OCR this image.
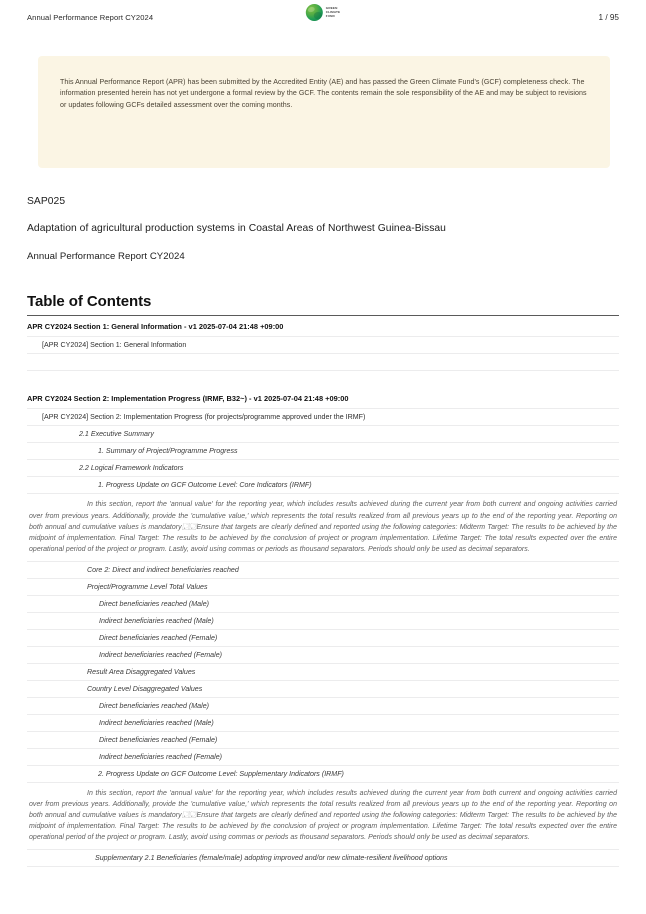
Annual Performance Report CY2024
GREEN
CLIMATE
FUND	1 / 95
This Annual Performance Report (APR) has been submitted by the Accredited Entity (AE) and has passed the Green Climate Fund's (GCF) completeness check. The information presented herein has not yet undergone a formal review by the GCF. The contents remain the sole responsibility of the AE and may be subject to revisions or updates following GCFs detailed assessment over the coming months.
SAP025
Adaptation of agricultural production systems in Coastal Areas of Northwest Guinea-Bissau
Annual Performance Report CY2024
Table of Contents
APR CY2024 Section 1: General Information - v1 2025-07-04 21:48 +09:00
[APR CY2024] Section 1: General Information
APR CY2024 Section 2: Implementation Progress (IRMF, B32~) - v1 2025-07-04 21:48 +09:00
[APR CY2024] Section 2: Implementation Progress (for projects/programme approved under the IRMF)
2.1 Executive Summary
1. Summary of Project/Programme Progress
2.2 Logical Framework Indicators
1. Progress Update on GCF Outcome Level: Core Indicators (IRMF)
In this section, report the 'annual value' for the reporting year, which includes results achieved during the current year from both current and ongoing activities carried over from previous years. Additionally, provide the 'cumulative value,' which represents the total results realized from all previous years up to the end of the reporting year. Reporting on both annual and cumulative values is mandatory⿿⿿Ensure that targets are clearly defined and reported using the following categories: Midterm Target: The results to be achieved by the midpoint of implementation. Final Target: The results to be achieved by the conclusion of project or program implementation. Lifetime Target: The total results expected over the entire operational period of the project or program. Lastly, avoid using commas or periods as thousand separators. Periods should only be used as decimal separators.
Core 2: Direct and indirect beneficiaries reached
Project/Programme Level Total Values
Direct beneficiaries reached (Male)
Indirect beneficiaries reached (Male)
Direct beneficiaries reached (Female)
Indirect beneficiaries reached (Female)
Result Area Disaggregated Values
Country Level Disaggregated Values
Direct beneficiaries reached (Male)
Indirect beneficiaries reached (Male)
Direct beneficiaries reached (Female)
Indirect beneficiaries reached (Female)
2. Progress Update on GCF Outcome Level: Supplementary Indicators (IRMF)
In this section, report the 'annual value' for the reporting year, which includes results achieved during the current year from both current and ongoing activities carried over from previous years. Additionally, provide the 'cumulative value,' which represents the total results realized from all previous years up to the end of the reporting year. Reporting on both annual and cumulative values is mandatory⿿⿿Ensure that targets are clearly defined and reported using the following categories: Midterm Target: The results to be achieved by the midpoint of implementation. Final Target: The results to be achieved by the conclusion of project or program implementation. Lifetime Target: The total results expected over the entire operational period of the project or program. Lastly, avoid using commas or periods as thousand separators. Periods should only be used as decimal separators.
Supplementary 2.1 Beneficiaries (female/male) adopting improved and/or new climate-resilient livelihood options
